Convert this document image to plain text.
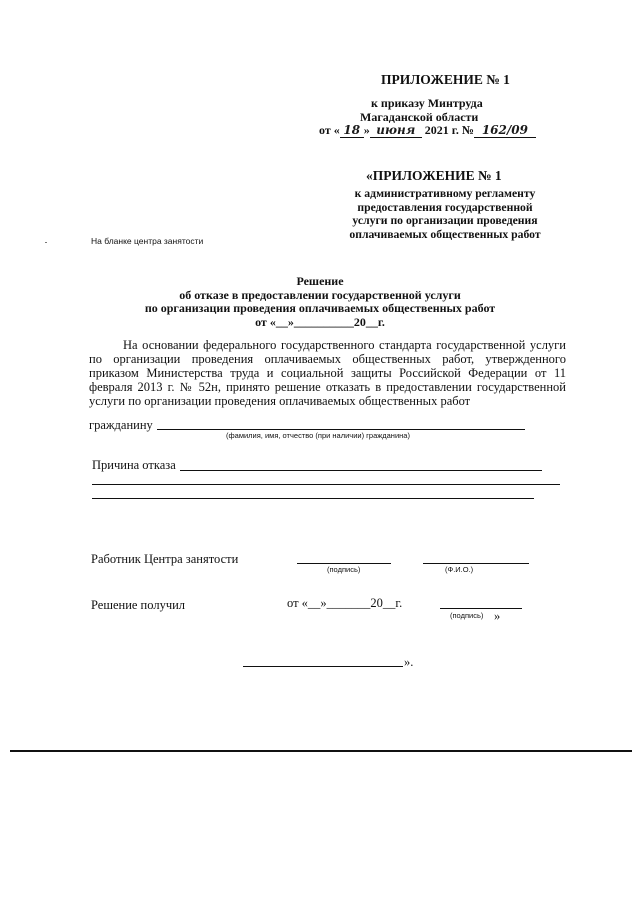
ПРИЛОЖЕНИЕ № 1
к приказу Минтруда
Магаданской области
от « 18 » июня 2021 г. № 162/09
«ПРИЛОЖЕНИЕ № 1
к административному регламенту
предоставления государственной
услуги по организации проведения
оплачиваемых общественных работ
На бланке центра занятости
Решение
об отказе в предоставлении государственной услуги
по организации проведения оплачиваемых общественных работ
от «__»__________20__г.
На основании федерального государственного стандарта государственной услуги по организации проведения оплачиваемых общественных работ, утвержденного приказом Министерства труда и социальной защиты Российской Федерации от 11 февраля 2013 г. № 52н, принято решение отказать в предоставлении государственной услуги по организации проведения оплачиваемых общественных работ
гражданину
(фамилия, имя, отчество (при наличии) гражданина)
Причина отказа
Работник Центра занятости
(подпись)	(Ф.И.О.)
Решение получил	от «__»_______20__г.
(подпись) »
».
